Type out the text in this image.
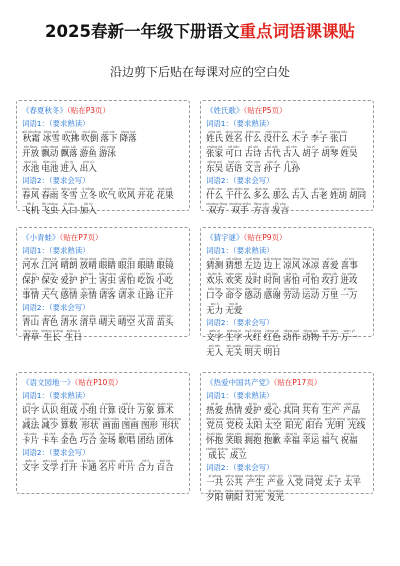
2025春新一年级下册语文重点词语课课贴
沿边剪下后贴在每课对应的空白处
《春夏秋冬》（贴在P3页）
词语1：（要求熟读）
qiū shuāng
秋霜
bīng xuě
冰雪
chuī fú
吹拂
chuī dǎo
吹倒
luò xià
落下
jiàng luò
降落
kāi fàng
开放
piāo dòng
飘动
piāo luò
飘落
yóu yú
游鱼
yóu yǒng
游泳
shuǐ chí
水池
diàn chí
电池
jìn rù
进入
chū rù
出入
词语2：（要求会写）
chūn fēng
春风
chūn yǔ
春雨
dōng xuě
冬雪
lì dōng
立冬
chuī qì
吹气
chuī fēng
吹风
kāi huā
开花
huā guǒ
花果
fēi jī
飞机
fēi chóng
飞虫
rù kǒu
入口
jiā rù
加入
《姓氏歌》（贴在P5页）
词语1：（要求熟读）
xìng shì
姓氏
xìng míng
姓名
shén me
什么
méi shén me
没什么
mù zǐ
木子
lǐ zǐ
李子
zhāng kǒu
张口
zhāng jiā
张家
kě kǒu
可口
gǔ shī
古诗
gǔ dài
古代
gǔ rén
古人
hú zǐ
胡子
hú qín
胡琴
xìng wú
姓吴
dōng wú
东吴
huà yǔ
话语
wén yán
文言
sūn zǐ
孙子
ér sūn
儿孙
词语2：（要求会写）
shén me
什么
gàn shén me
干什么
duō me
多么
nà me
那么
gǔ rén
古人
gǔ lǎo
古老
xìng hú
姓胡
hú tóng
胡同
shuāng fāng
双方
shuāng shǒu
双手
fāng yán
方言
fā yán
发言
《小青蛙》（贴在P7页）
词语1：（要求熟读）
hé shuǐ
河水
jiāng hé
江河
qíng lǎng
晴朗
fàng qíng
放晴
yǎn jing
眼睛
yǎn lèi
眼泪
yǎn jing
眼睛
yǎn jīng
眼镜
bǎo hù
保护
bǎo ān
保安
ài hù
爱护
hù shi
护士
hài chóng
害虫
hài pà
害怕
chī fàn
吃饭
xiǎo chī
小吃
shì qing
事情
tiān qì
天气
gǎn qíng
感情
qīn qíng
亲情
qǐng kè
请客
qǐng qiú
请求
ràng lù
让路
ràng kāi
让开
词语2：（要求会写）
qīng shān
青山
qīng sè
青色
qīng shuǐ
清水
qīng zǎo
清早
qíng tiān
晴天
qíng kōng
晴空
huǒ miáo
火苗
miáo tóu
苗头
qīng cǎo
青草
shēng zhǎng
生长
shēng rì
生日
《猜字谜》（贴在P9页）
词语1：（要求熟读）
cāi cè
猜测
cāi xiǎng
猜想
zuǒ biān
左边
zuǒ shàng
边上
liáng fēng
凉风
bīng liáng
冰凉
xǐ ài
喜爱
xǐ shì
喜事
huān lè
欢乐
huān xiào
欢笑
jí shí
及时
shí jiān
时间
hài pà
害怕
kě pà
可怕
gōng dǎ
攻打
jìn gōng
进攻
kǒu lìng
口令
mìng lìng
命令
gǎn dòng
感动
gǎn xiè
感谢
láo dòng
劳动
yùn dòng
运动
wàn shì
万里
yī wàn
一万
wú lì
无力
wú ài
无爱
词语2：（要求会写）
wén zì
文字
shēng zì
生字
huǒ hóng
火红
hóng sè
红色
dòng zuò
动作
dòng wù
动物
qiān wàn
千万
wàn yī
万一
wú rén
无人
wú guān
无关
míng tiān
明天
míng rì
明日
《语文园地一》（贴在P10页）
词语1：（要求熟读）
shí zì
识字
rèn shí
认识
zǔ chéng
组成
xiǎo zǔ
小组
jì suàn
计算
shè jì
设计
wàn xiàng
万象
suàn shù
算术
jiǎn fǎ
减法
jiǎn shǎo
减少
suàn shù
算数
xíng zhuàng
形状
huà miàn
画面
tú huà
图画
tú xíng
图形
xíng zhuàng
形状
kǎ piàn
卡片
kǎ chē
卡车
jīn cǎi
金色
qiǎo hé
巧合
jīn chǎng
金场
gē chàng
歌唱
tuán jié
团结
tuán tǐ
团体
词语2：（要求会写）
wén zì
文字
wén xué
文学
dǎ kāi
打开
kǎ tōng
卡通
míng piàn
名片
yè piàn
叶片
hé lì
合力
bǎi hé
百合
《热爱中国共产党》（贴在P17页）
词语1：（要求熟读）
rè ài
热爱
rè qíng
热情
ài hù
爱护
ài xīn
爱心
qí tóng
其同
gòng yǒu
共有
shēng chǎn
生产
chǎn pǐn
产品
dǎng yuán
党员
dǎng xiào
党校
tài yáng
太阳
tài kōng
太空
yáng guāng
阳光
yáng tái
阳台
guāng míng
光明
guāng xiàn
光线
huái bào
怀抱
xiào yǎn
笑眼
yōng bào
拥抱
bào qiàn
抱歉
xìng fú
幸福
xìng yùn
幸运
fú qi
福气
zhù fú
祝福
chéng zhǎng
成长
chéng lì
成立
词语2：（要求会写）
yī gòng
一共
gōng gòng
公共
chǎn shēng
产生
chǎn shì
产业
rù dǎng
入党
tóng dǎng
同党
tài zǐ
太子
tài píng
太平
xī yáng
夕阳
zhāo yáng
朝阳
dēng guāng
灯光
fā guāng
发光
